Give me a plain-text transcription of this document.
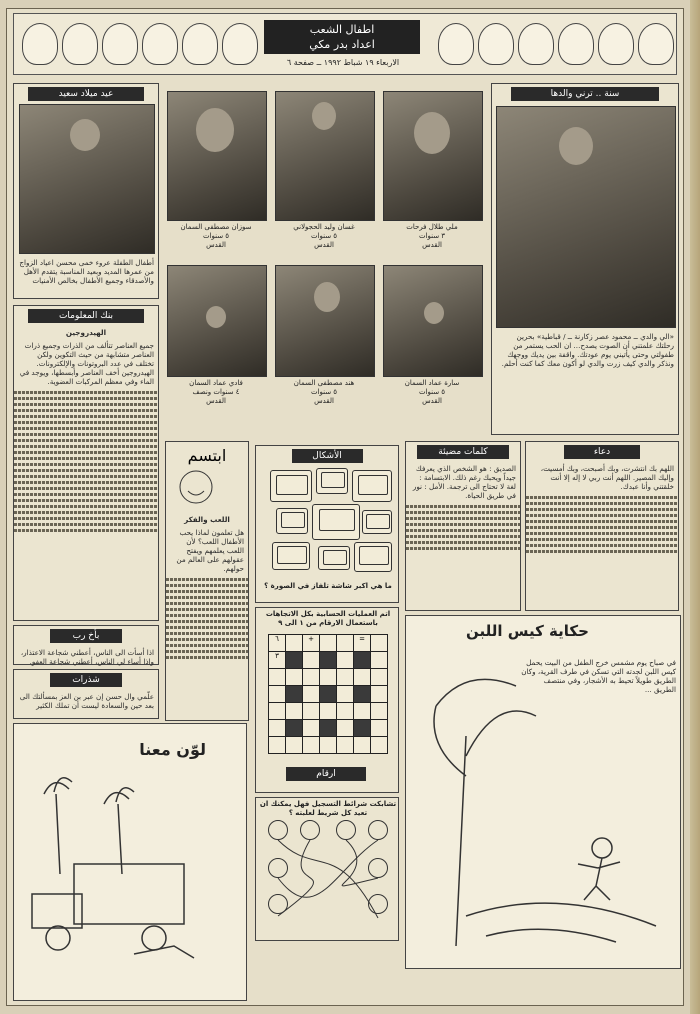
اطفال الشعب
اعداد بدر مكي
الاربعاء ١٩ شباط ١٩٩٢ ــ صفحة ٦
عيد ميلاد سعيد
أطفال الطفلة عروء خمى محسن اعياد الزواج من عمرها المديد وبعيد المناسبة يتقدم الأهل والأصدقاء وجميع الأطفال بخالص الأمنيات
سوزان مصطفى السمان
٥ سنوات
القدس
غسان وليد الحجولاني
٥ سنوات
القدس
ملي طلال فرحات
٣ سنوات
القدس
فادي عماد السمان
٤ سنوات ونصف
القدس
هند مصطفى السمان
٥ سنوات
القدس
سارة عماد السمان
٥ سنوات
القدس
سنة .. ترني والدها
«الي والدي ــ محمود عصر زكارنة ــ / قباطية» بحرين رحلتك علمتني أن الصوت يصدح... ان الحب يستمر من طفولتي وحتى يأتيني يوم عودتك. واقفة بين يديك ووجهك ونذكر والدي كيف زرت والدي لو أكون معك كما كنت أحلم.
بنك المعلومات
الهيدروجين
جميع العناصر تتألف من الذرات وجميع ذرات العناصر متشابهة من حيث التكوين ولكن تختلف في عدد البروتونات والإلكترونات. الهيدروجين أخف العناصر وأبسطها، ويوجد في الماء وفي معظم المركبات العضوية.
بأخ رب
اذا أسأت الى الناس، أعطني شجاعة الاعتذار، واذا أساء لي الناس، أعطني شجاعة العفو.
شذرات
علّمي وال حسن إن عبر بن العز بمسألتك الى بعد حين والسعادة ليست أن تملك الكثير
لوّن معنا
ابتسم
اللعب والفكر
هل تعلمون لماذا يحب الأطفال اللعب؟ لأن اللعب يعلمهم ويفتح عقولهم على العالم من حولهم.
الأشكال
ما هي اكبر شاشة تلفاز في الصورة ؟
اتم العمليات الحسابية بكل الاتجاهات باستعمال الارقام من ١ الى ٩
٦	+	=
٣
ارقام
تشابكت شرائط التسجيل فهل يمكنك ان تعيد كل شريط لعلبته ؟
كلمات مضيئة
الصديق : هو الشخص الذي يعرفك جيداً ويحبك رغم ذلك. الابتسامة : لغة لا تحتاج الى ترجمة. الأمل : نور في طريق الحياة.
دعاء
اللهم بك انتشرت، وبك أصبحت، وبك أمسيت، وإليك المصير. اللهم أنت ربي لا إله إلا أنت خلقتني وأنا عبدك.
حكاية كيس اللبن
في صباح يوم مشمس خرج الطفل من البيت يحمل كيس اللبن لجدته التي تسكن في طرف القرية، وكان الطريق طويلاً تحيط به الأشجار، وفي منتصف الطريق ...
